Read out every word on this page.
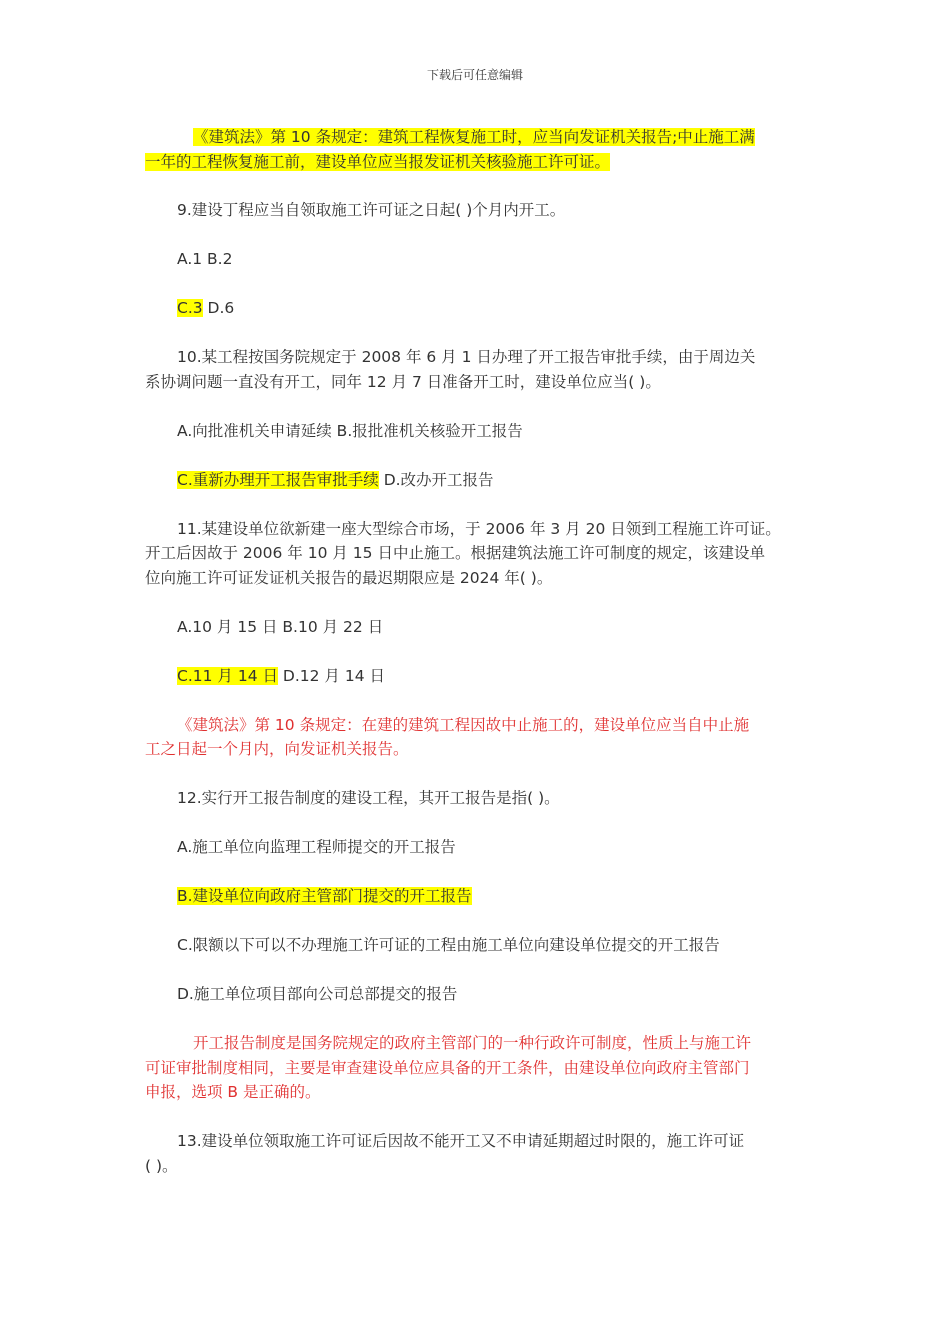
下载后可任意编辑

《建筑法》第 10 条规定：建筑工程恢复施工时，应当向发证机关报告;中止施工满
一年的工程恢复施工前，建设单位应当报发证机关核验施工许可证。

9.建设丁程应当自领取施工许可证之日起( )个月内开工。

A.1 B.2

C.3 D.6

10.某工程按国务院规定于 2008 年 6 月 1 日办理了开工报告审批手续，由于周边关
系协调问题一直没有开工，同年 12 月 7 日准备开工时，建设单位应当( )。

A.向批准机关申请延续 B.报批准机关核验开工报告

C.重新办理开工报告审批手续 D.改办开工报告

11.某建设单位欲新建一座大型综合市场，于 2006 年 3 月 20 日领到工程施工许可证。
开工后因故于 2006 年 10 月 15 日中止施工。根据建筑法施工许可制度的规定，该建设单
位向施工许可证发证机关报告的最迟期限应是 2024 年( )。

A.10 月 15 日 B.10 月 22 日

C.11 月 14 日 D.12 月 14 日

《建筑法》第 10 条规定：在建的建筑工程因故中止施工的，建设单位应当自中止施
工之日起一个月内，向发证机关报告。

12.实行开工报告制度的建设工程，其开工报告是指( )。

A.施工单位向监理工程师提交的开工报告

B.建设单位向政府主管部门提交的开工报告

C.限额以下可以不办理施工许可证的工程由施工单位向建设单位提交的开工报告

D.施工单位项目部向公司总部提交的报告

开工报告制度是国务院规定的政府主管部门的一种行政许可制度，性质上与施工许
可证审批制度相同，主要是审查建设单位应具备的开工条件，由建设单位向政府主管部门
申报，选项 B 是正确的。

13.建设单位领取施工许可证后因故不能开工又不申请延期超过时限的，施工许可证
( )。
